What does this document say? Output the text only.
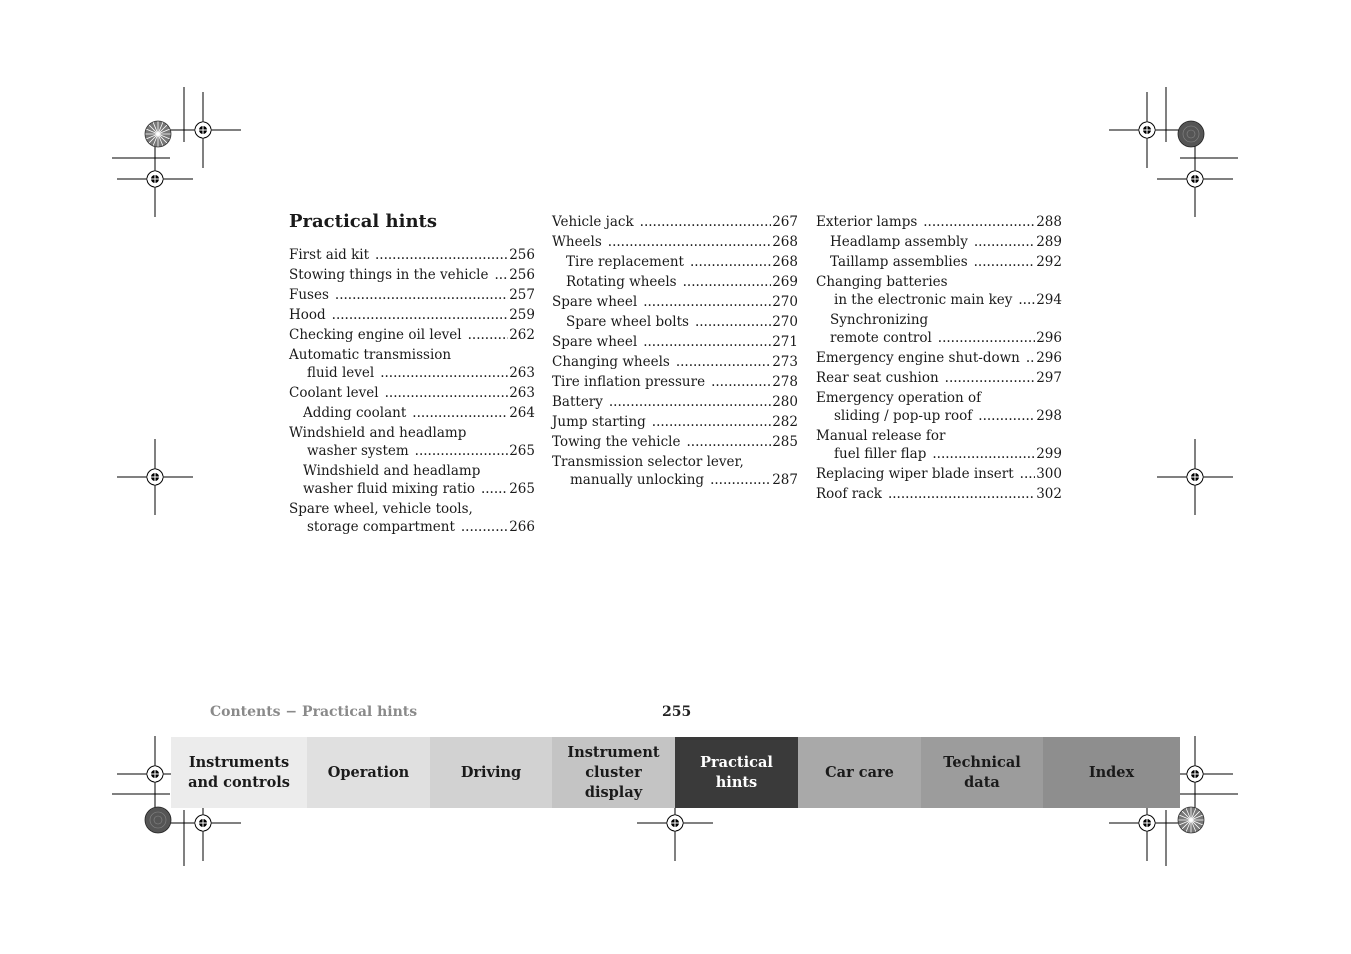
Practical hints
First aid kit .....	256
Stowing things in the vehicle ..... 256
Fuses .....	257
Hood .....	259
Checking engine oil level .....	262
Automatic transmission
fluid level .....	263
Coolant level .....	263
Adding coolant .....	264
Windshield and headlamp
washer system .....	265
Windshield and headlamp
washer fluid mixing ratio .....	265
Spare wheel, vehicle tools,
storage compartment .....	266
Vehicle jack .....	267
Wheels .....	268
Tire replacement .....	268
Rotating wheels .....	269
Spare wheel .....	270
Spare wheel bolts .....	270
Spare wheel .....	271
Changing wheels .....	273
Tire inflation pressure .....	278
Battery .....	280
Jump starting .....	282
Towing the vehicle .....	285
Transmission selector lever,
manually unlocking .....	287
Exterior lamps .....	288
Headlamp assembly .....	289
Taillamp assemblies .....	292
Changing batteries
in the electronic main key ..... 294
Synchronizing
remote control .....	296
Emergency engine shut-down ..... 296
Rear seat cushion .....	297
Emergency operation of
sliding / pop-up roof .....	298
Manual release for
fuel filler flap .....	299
Replacing wiper blade insert ..... 300
Roof rack .....	302
Contents − Practical hints	255
Instruments
and controls
Operation	Driving
Instrument
cluster display
Practical hints
Car care
Technical
data
Index
